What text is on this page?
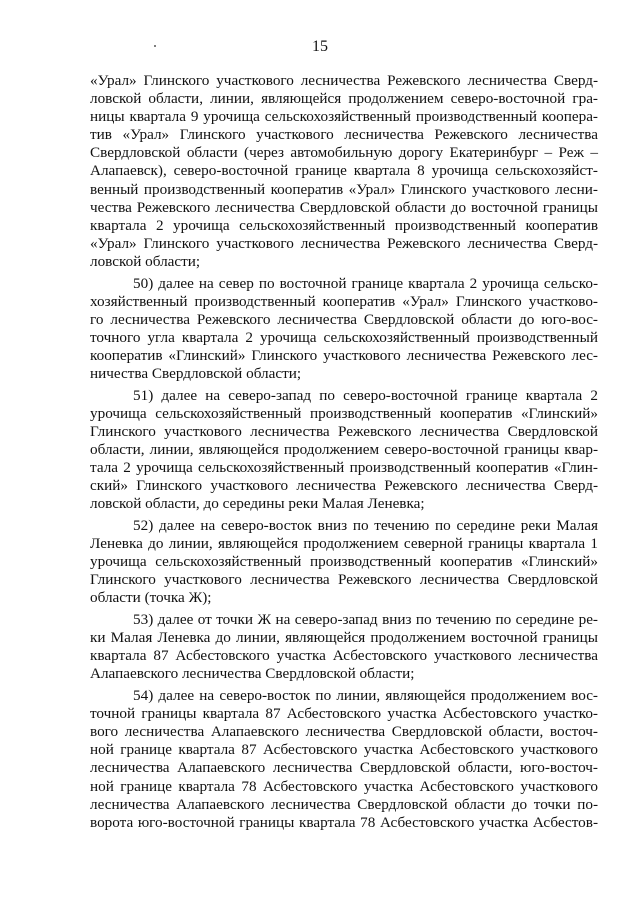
15
«Урал» Глинского участкового лесничества Режевского лесничества Сверд-
ловской области, линии, являющейся продолжением северо-восточной гра-
ницы квартала 9 урочища сельскохозяйственный производственный коопера-
тив «Урал» Глинского участкового лесничества Режевского лесничества
Свердловской области (через автомобильную дорогу Екатеринбург – Реж –
Алапаевск), северо-восточной границе квартала 8 урочища сельскохозяйст-
венный производственный кооператив «Урал» Глинского участкового лесни-
чества Режевского лесничества Свердловской области до восточной границы
квартала 2 урочища сельскохозяйственный производственный кооператив
«Урал» Глинского участкового лесничества Режевского лесничества Сверд-
ловской области;
50) далее на север по восточной границе квартала 2 урочища сельско-
хозяйственный производственный кооператив «Урал» Глинского участково-
го лесничества Режевского лесничества Свердловской области до юго-вос-
точного угла квартала 2 урочища сельскохозяйственный производственный
кооператив «Глинский» Глинского участкового лесничества Режевского лес-
ничества Свердловской области;
51) далее на северо-запад по северо-восточной границе квартала 2
урочища сельскохозяйственный производственный кооператив «Глинский»
Глинского участкового лесничества Режевского лесничества Свердловской
области, линии, являющейся продолжением северо-восточной границы квар-
тала 2 урочища сельскохозяйственный производственный кооператив «Глин-
ский» Глинского участкового лесничества Режевского лесничества Сверд-
ловской области, до середины реки Малая Леневка;
52) далее на северо-восток вниз по течению по середине реки Малая
Леневка до линии, являющейся продолжением северной границы квартала 1
урочища сельскохозяйственный производственный кооператив «Глинский»
Глинского участкового лесничества Режевского лесничества Свердловской
области (точка Ж);
53) далее от точки Ж на северо-запад вниз по течению по середине ре-
ки Малая Леневка до линии, являющейся продолжением восточной границы
квартала 87 Асбестовского участка Асбестовского участкового лесничества
Алапаевского лесничества Свердловской области;
54) далее на северо-восток по линии, являющейся продолжением вос-
точной границы квартала 87 Асбестовского участка Асбестовского участко-
вого лесничества Алапаевского лесничества Свердловской области, восточ-
ной границе квартала 87 Асбестовского участка Асбестовского участкового
лесничества Алапаевского лесничества Свердловской области, юго-восточ-
ной границе квартала 78 Асбестовского участка Асбестовского участкового
лесничества Алапаевского лесничества Свердловской области до точки по-
ворота юго-восточной границы квартала 78 Асбестовского участка Асбестов-
